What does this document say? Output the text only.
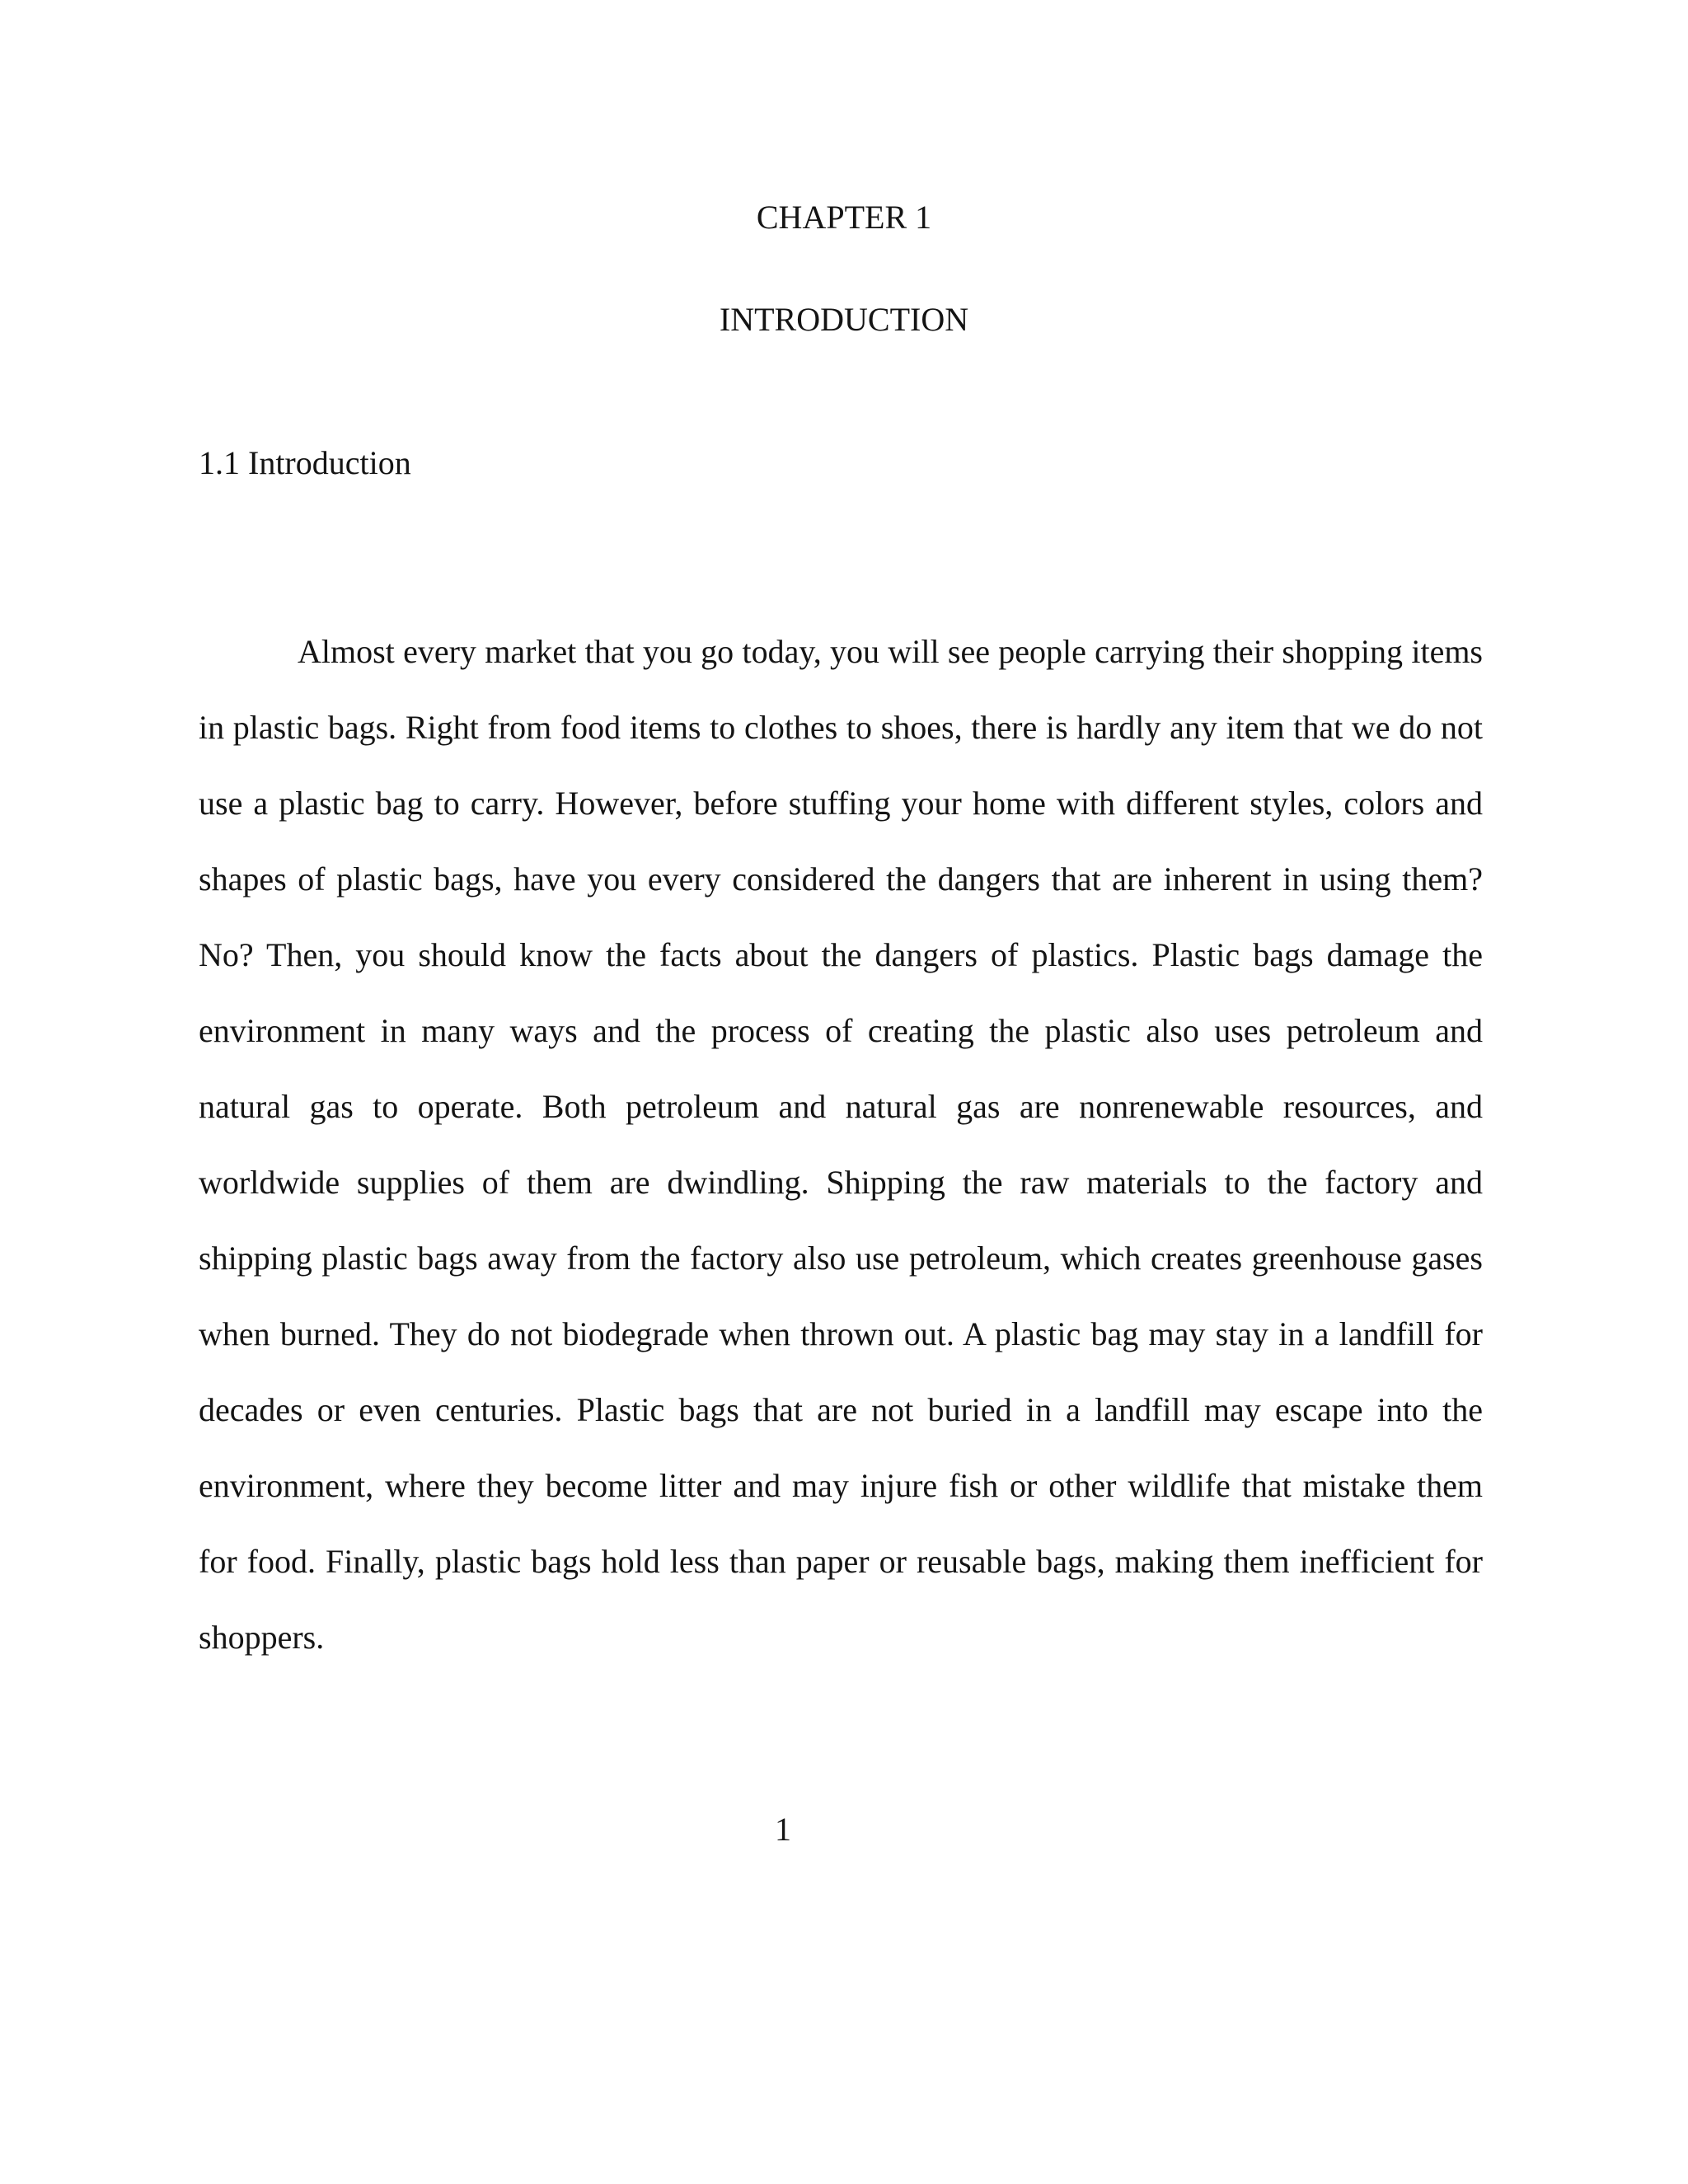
CHAPTER 1
INTRODUCTION
1.1 Introduction

Almost every market that you go today, you will see people carrying their shopping items in plastic bags. Right from food items to clothes to shoes, there is hardly any item that we do not use a plastic bag to carry. However, before stuffing your home with different styles, colors and shapes of plastic bags, have you every considered the dangers that are inherent in using them? No? Then, you should know the facts about the dangers of plastics. Plastic bags damage the environment in many ways and the process of creating the plastic also uses petroleum and natural gas to operate. Both petroleum and natural gas are nonrenewable resources, and worldwide supplies of them are dwindling. Shipping the raw materials to the factory and shipping plastic bags away from the factory also use petroleum, which creates greenhouse gases when burned. They do not biodegrade when thrown out. A plastic bag may stay in a landfill for decades or even centuries. Plastic bags that are not buried in a landfill may escape into the environment, where they become litter and may injure fish or other wildlife that mistake them for food. Finally, plastic bags hold less than paper or reusable bags, making them inefficient for shoppers.

1
